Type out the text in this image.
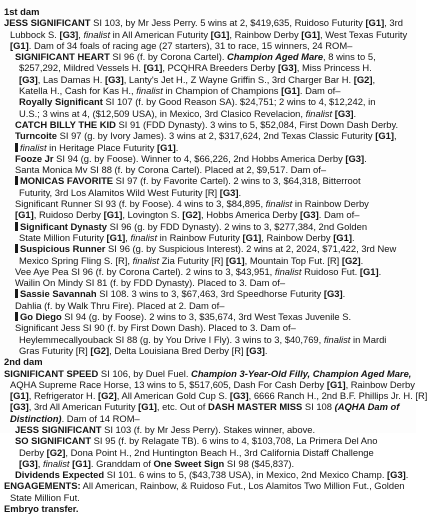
1st dam
JESS SIGNIFICANT SI 103, by Mr Jess Perry. 5 wins at 2, $419,635, Ruidoso Futurity [G1], 3rd
Lubbock S. [G3], finalist in All American Futurity [G1], Rainbow Derby [G1], West Texas Futurity
[G1]. Dam of 34 foals of racing age (27 starters), 31 to race, 15 winners, 24 ROM–
SIGNIFICANT HEART SI 96 (f. by Corona Cartel). Champion Aged Mare, 8 wins to 5,
$257,292, Mildred Vessels H. [G1], PCQHRA Breeders Derby [G3], Miss Princess H.
[G3], Las Damas H. [G3], Lanty's Jet H., Z Wayne Griffin S., 3rd Charger Bar H. [G2],
Katella H., Cash for Kas H., finalist in Champion of Champions [G1]. Dam of–
Royally Significant SI 107 (f. by Good Reason SA). $24,751; 2 wins to 4, $12,242, in
U.S.; 3 wins at 4, ($12,509 USA), in Mexico, 3rd Clasico Revelacion, finalist [G3].
CATCH BILLY THE KID SI 91 (FDD Dynasty). 3 wins to 5, $52,084, First Down Dash Derby.
Turncoite SI 97 (g. by Ivory James). 3 wins at 2, $317,624, 2nd Texas Classic Futurity [G1],
finalist in Heritage Place Futurity [G1].
Fooze Jr SI 94 (g. by Foose). Winner to 4, $66,226, 2nd Hobbs America Derby [G3].
Santa Monica Mv SI 88 (f. by Corona Cartel). Placed at 2, $9,517. Dam of–
MONICAS FAVORITE SI 97 (f. by Favorite Cartel). 2 wins to 3, $64,318, Bitterroot
Futurity, 3rd Los Alamitos Wild West Futurity [R] [G3].
Significant Runner SI 93 (f. by Foose). 4 wins to 3, $84,895, finalist in Rainbow Derby
[G1], Ruidoso Derby [G1], Lovington S. [G2], Hobbs America Derby [G3]. Dam of–
Significant Dynasty SI 96 (g. by FDD Dynasty). 2 wins to 3, $277,384, 2nd Golden
State Million Futurity [G1], finalist in Rainbow Futurity [G1], Rainbow Derby [G1].
Suspicious Runner SI 96 (g. by Suspicious Interest). 2 wins at 2, 2024, $71,422, 3rd New
Mexico Spring Fling S. [R], finalist Zia Futurity [R] [G1], Mountain Top Fut. [R] [G2].
Vee Aye Pea SI 96 (f. by Corona Cartel). 2 wins to 3, $43,951, finalist Ruidoso Fut. [G1].
Wailin On Mindy SI 81 (f. by FDD Dynasty). Placed to 3. Dam of–
Sassie Savannah SI 108. 3 wins to 3, $67,463, 3rd Speedhorse Futurity [G3].
Dahlia (f. by Walk Thru Fire). Placed at 2. Dam of–
Go Diego SI 94 (g. by Foose). 2 wins to 3, $35,674, 3rd West Texas Juvenile S.
Significant Jess SI 90 (f. by First Down Dash). Placed to 3. Dam of–
Heylemmecallyouback SI 88 (g. by You Drive I Fly). 3 wins to 3, $40,769, finalist in Mardi
Gras Futurity [R] [G2], Delta Louisiana Bred Derby [R] [G3].
2nd dam
SIGNIFICANT SPEED SI 106, by Duel Fuel. Champion 3-Year-Old Filly, Champion Aged Mare,
AQHA Supreme Race Horse, 13 wins to 5, $517,605, Dash For Cash Derby [G1], Rainbow Derby
[G1], Refrigerator H. [G2], All American Gold Cup S. [G3], 6666 Ranch H., 2nd B.F. Phillips Jr. H. [R]
[G3], 3rd All American Futurity [G1], etc. Out of DASH MASTER MISS SI 108 (AQHA Dam of
Distinction). Dam of 14 ROM–
JESS SIGNIFICANT SI 103 (f. by Mr Jess Perry). Stakes winner, above.
SO SIGNIFICANT SI 95 (f. by Relagate TB). 6 wins to 4, $103,708, La Primera Del Ano
Derby [G2], Dona Point H., 2nd Huntington Beach H., 3rd California Distaff Challenge
[G3], finalist [G1]. Granddam of One Sweet Sign SI 98 ($45,837).
Dividends Expected SI 101. 6 wins to 5, ($43,738 USA), in Mexico, 2nd Mexico Champ. [G3].
ENGAGEMENTS: All American, Rainbow, & Ruidoso Fut., Los Alamitos Two Million Fut., Golden
State Million Fut.
Embryo transfer.
